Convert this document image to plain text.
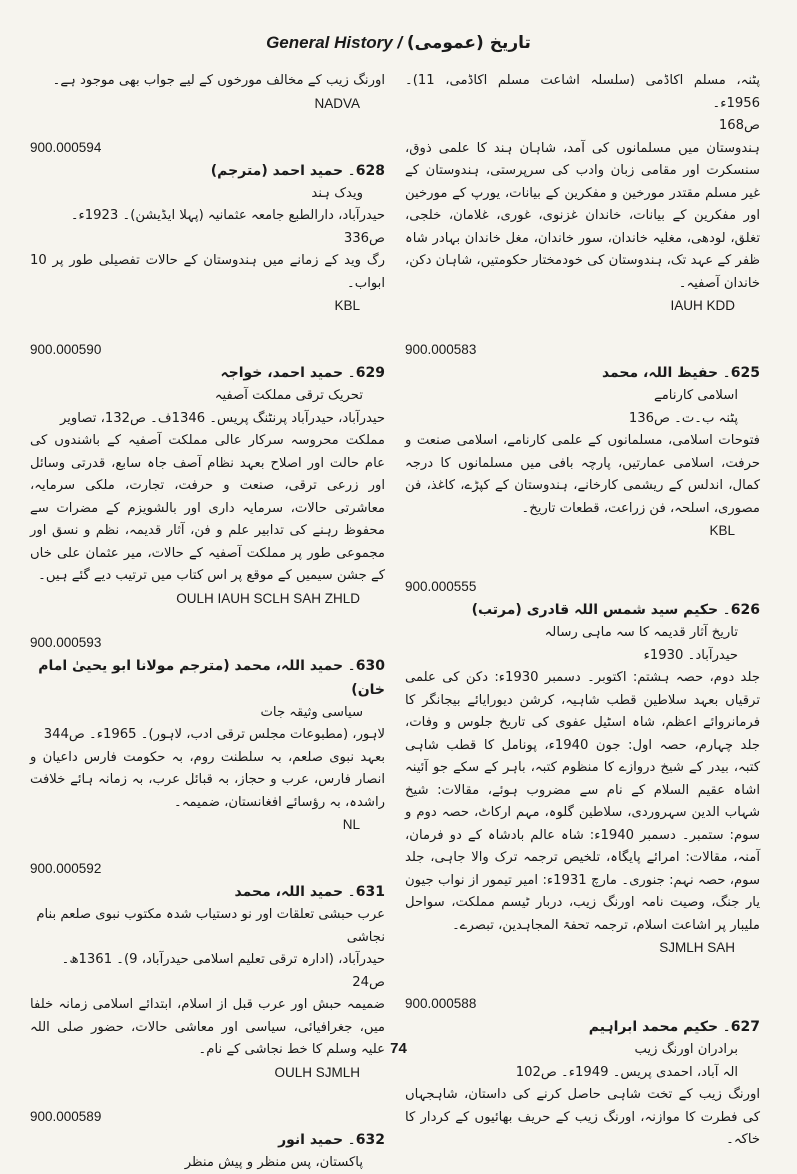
General History / تاریخ (عمومی)

پٹنہ، مسلم اکاڈمی (سلسلہ اشاعت مسلم اکاڈمی، 11)۔ 1956ء۔

ص168

ہندوستان میں مسلمانوں کی آمد، شاہان ہند کا علمی ذوق، سنسکرت اور مقامی زبان وادب کی سرپرستی، ہندوستان کے غیر مسلم مقتدر مورخین و مفکرین کے بیانات، یورپ کے مورخین اور مفکرین کے بیانات، خاندان غزنوی، غوری، غلامان، خلجی، تغلق، لودھی، مغلیہ خاندان، سور خاندان، مغل خاندان بہادر شاہ ظفر کے عہد تک، ہندوستان کی خودمختار حکومتیں، شاہان دکن، خاندان آصفیہ۔

IAUH KDD

900.000583

625۔ حفیظ اللہ، محمد

اسلامی کارنامے

پٹنہ ب۔ت۔ ص136

فتوحات اسلامی، مسلمانوں کے علمی کارنامے، اسلامی صنعت و حرفت، اسلامی عمارتیں، پارچہ بافی میں مسلمانوں کا درجہ کمال، اندلس کے ریشمی کارخانے، ہندوستان کے کپڑے، کاغذ، فن مصوری، اسلحہ، فن زراعت، قطعات تاریخ۔

KBL

900.000555

626۔ حکیم سید شمس اللہ قادری (مرتب)

تاریخ آثار قدیمہ کا سہ ماہی رسالہ

حیدرآباد۔ 1930ء

جلد دوم، حصہ ہشتم: اکتوبر۔ دسمبر 1930ء: دکن کی علمی ترقیاں بعہد سلاطین قطب شاہیہ، کرشن دیورایائے بیجانگر کا فرمانروائے اعظم، شاہ اسٹیل عفوی کی تاریخ جلوس و وفات، جلد چہارم، حصہ اول: جون 1940ء، پونامل کا قطب شاہی کتبہ، بیدر کے شیخ دروازے کا منظوم کتبہ، باہر کے سکے جو آئینہ اشاہ عقیم السلام کے نام سے مضروب ہوئے، مقالات: شیخ شہاب الدین سہروردی، سلاطین گلوہ، مہم ارکاٹ، حصہ دوم و سوم: ستمبر۔ دسمبر 1940ء: شاہ عالم بادشاہ کے دو فرمان، آمنہ، مقالات: امرائے پایگاہ، تلخیص ترجمہ ترک والا جاہی، جلد سوم، حصہ نہم: جنوری۔ مارچ 1931ء: امیر تیمور از نواب جیون یار جنگ، وصیت نامہ اورنگ زیب، دربار ٹیسم مملکت، سواحل ملیبار پر اشاعت اسلام، ترجمہ تحفۃ المجاہدین، تبصرے۔

SJMLH SAH

900.000588

627۔ حکیم محمد ابراہیم

برادران اورنگ زیب

الہ آباد، احمدی پریس۔ 1949ء۔ ص102

اورنگ زیب کے تخت شاہی حاصل کرنے کی داستان، شاہجہاں کی فطرت کا موازنہ، اورنگ زیب کے حریف بھائیوں کے کردار کا خاکہ۔

اورنگ زیب کے مخالف مورخوں کے لیے جواب بھی موجود ہے۔

NADVA

900.000594

628۔ حمید احمد (مترجم)

ویدک ہند

حیدرآباد، دارالطبع جامعہ عثمانیہ (پہلا ایڈیشن)۔ 1923ء۔ ص336

رگ وید کے زمانے میں ہندوستان کے حالات تفصیلی طور پر 10 ابواب۔

KBL

900.000590

629۔ حمید احمد، خواجہ

تحریک ترقی مملکت آصفیہ

حیدرآباد، حیدرآباد پرنٹنگ پریس۔ 1346ف۔ ص132، تصاویر

مملکت محروسہ سرکار عالی مملکت آصفیہ کے باشندوں کی عام حالت اور اصلاح بعہد نظام آصف جاہ سابع، قدرتی وسائل اور زرعی ترقی، صنعت و حرفت، تجارت، ملکی سرمایہ، معاشرتی حالات، سرمایہ داری اور بالشویزم کے مضرات سے محفوظ رہنے کی تدابیر علم و فن، آثار قدیمہ، نظم و نسق اور مجموعی طور پر مملکت آصفیہ کے حالات، میر عثمان علی خاں کے جشن سیمیں کے موقع پر اس کتاب میں ترتیب دیے گئے ہیں۔

OULH IAUH SCLH SAH ZHLD

900.000593

630۔ حمید اللہ، محمد (مترجم مولانا ابو یحییٰ امام خان)

سیاسی وثیقہ جات

لاہور، (مطبوعات مجلس ترقی ادب، لاہور)۔ 1965ء۔ ص344

بعہد نبوی صلعم، بہ سلطنت روم، بہ حکومت فارس داعیان و انصار فارس، عرب و حجاز، بہ قبائل عرب، بہ زمانہ ہائے خلافت راشدہ، بہ رؤسائے افغانستان، ضمیمہ۔

NL

900.000592

631۔ حمید اللہ، محمد

عرب حبشی تعلقات اور نو دستیاب شدہ مکتوب نبوی صلعم بنام نجاشی

حیدرآباد، (ادارہ ترقی تعلیم اسلامی حیدرآباد، 9)۔ 1361ھ۔ ص24

ضمیمہ حبش اور عرب قبل از اسلام، ابتدائے اسلامی زمانہ خلفا میں، جغرافیائی، سیاسی اور معاشی حالات، حضور صلی اللہ علیہ وسلم کا خط نجاشی کے نام۔

OULH SJMLH

900.000589

632۔ حمید انور

پاکستان، پس منظر و پیش منظر

74
